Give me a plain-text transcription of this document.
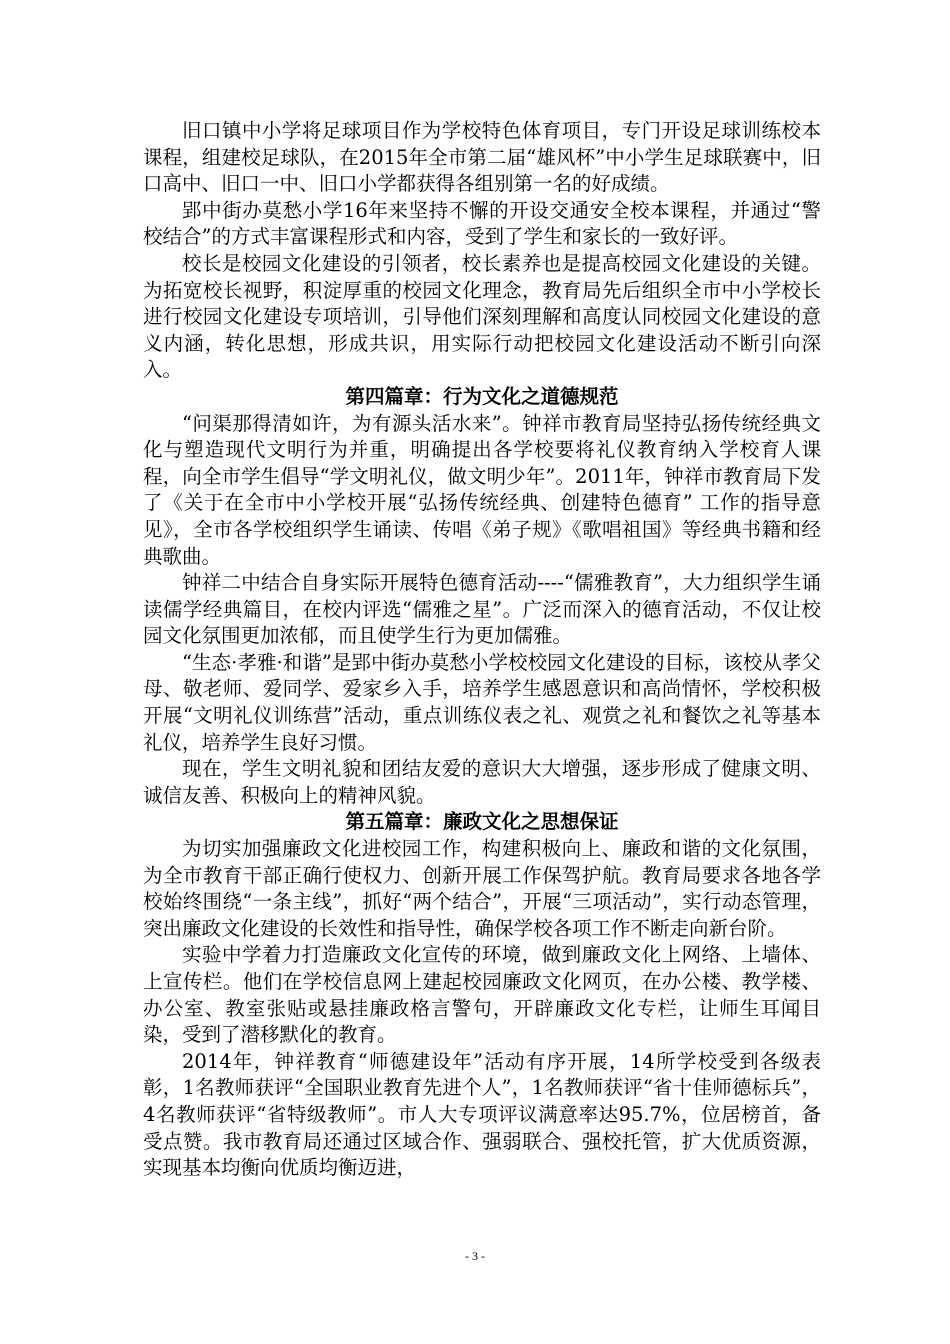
旧口镇中小学将足球项目作为学校特色体育项目，专门开设足球训练校本课程，组建校足球队，在2015年全市第二届“雄风杯”中小学生足球联赛中，旧口高中、旧口一中、旧口小学都获得各组别第一名的好成绩。

郢中街办莫愁小学16年来坚持不懈的开设交通安全校本课程，并通过“警校结合”的方式丰富课程形式和内容，受到了学生和家长的一致好评。

校长是校园文化建设的引领者，校长素养也是提高校园文化建设的关键。为拓宽校长视野，积淀厚重的校园文化理念，教育局先后组织全市中小学校长进行校园文化建设专项培训，引导他们深刻理解和高度认同校园文化建设的意义内涵，转化思想，形成共识，用实际行动把校园文化建设活动不断引向深入。

第四篇章：行为文化之道德规范

“问渠那得清如许，为有源头活水来”。钟祥市教育局坚持弘扬传统经典文化与塑造现代文明行为并重，明确提出各学校要将礼仪教育纳入学校育人课程，向全市学生倡导“学文明礼仪，做文明少年”。2011年，钟祥市教育局下发了《关于在全市中小学校开展“弘扬传统经典、创建特色德育” 工作的指导意见》，全市各学校组织学生诵读、传唱《弟子规》《歌唱祖国》等经典书籍和经典歌曲。

钟祥二中结合自身实际开展特色德育活动----“儒雅教育”，大力组织学生诵读儒学经典篇目，在校内评选“儒雅之星”。广泛而深入的德育活动，不仅让校园文化氛围更加浓郁，而且使学生行为更加儒雅。

“生态·孝雅·和谐”是郢中街办莫愁小学校校园文化建设的目标，该校从孝父母、敬老师、爱同学、爱家乡入手，培养学生感恩意识和高尚情怀，学校积极开展“文明礼仪训练营”活动，重点训练仪表之礼、观赏之礼和餐饮之礼等基本礼仪，培养学生良好习惯。

现在，学生文明礼貌和团结友爱的意识大大增强，逐步形成了健康文明、诚信友善、积极向上的精神风貌。

第五篇章：廉政文化之思想保证

为切实加强廉政文化进校园工作，构建积极向上、廉政和谐的文化氛围，为全市教育干部正确行使权力、创新开展工作保驾护航。教育局要求各地各学校始终围绕“一条主线”，抓好“两个结合”，开展“三项活动”，实行动态管理，突出廉政文化建设的长效性和指导性，确保学校各项工作不断走向新台阶。

实验中学着力打造廉政文化宣传的环境，做到廉政文化上网络、上墙体、上宣传栏。他们在学校信息网上建起校园廉政文化网页，在办公楼、教学楼、办公室、教室张贴或悬挂廉政格言警句，开辟廉政文化专栏，让师生耳闻目染，受到了潜移默化的教育。

2014年，钟祥教育“师德建设年”活动有序开展，14所学校受到各级表彰，1名教师获评“全国职业教育先进个人”，1名教师获评“省十佳师德标兵”，4名教师获评“省特级教师”。市人大专项评议满意率达95.7%，位居榜首，备受点赞。我市教育局还通过区域合作、强弱联合、强校托管，扩大优质资源，实现基本均衡向优质均衡迈进，

- 3 -
